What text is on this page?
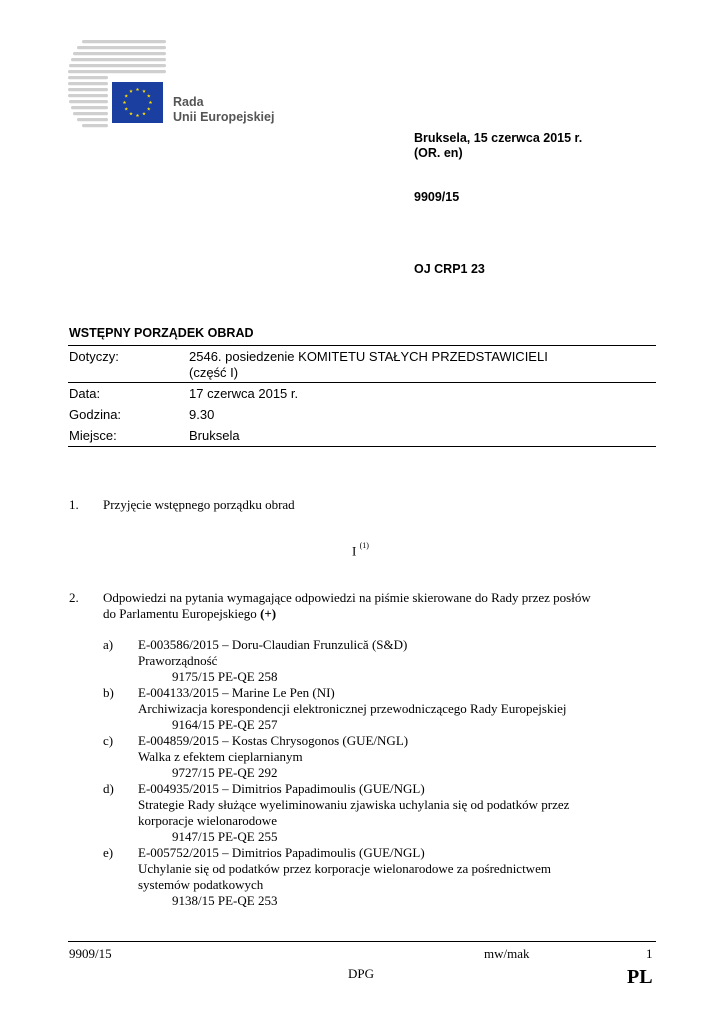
Rada
Unii Europejskiej
Bruksela, 15 czerwca 2015 r.
(OR. en)
9909/15
OJ CRP1 23
WSTĘPNY PORZĄDEK OBRAD
Dotyczy:	2546. posiedzenie KOMITETU STAŁYCH PRZEDSTAWICIELI
(część I)
Data:	17 czerwca 2015 r.
Godzina:	9.30
Miejsce:	Bruksela
1. Przyjęcie wstępnego porządku obrad
I $^{(1)}$
2. Odpowiedzi na pytania wymagające odpowiedzi na piśmie skierowane do Rady przez posłów
do Parlamentu Europejskiego (+)
a) E-003586/2015 – Doru-Claudian Frunzulică (S&D)
Praworządność
9175/15 PE-QE 258
b) E-004133/2015 – Marine Le Pen (NI)
Archiwizacja korespondencji elektronicznej przewodniczącego Rady Europejskiej
9164/15 PE-QE 257
c) E-004859/2015 – Kostas Chrysogonos (GUE/NGL)
Walka z efektem cieplarnianym
9727/15 PE-QE 292
d) E-004935/2015 – Dimitrios Papadimoulis (GUE/NGL)
Strategie Rady służące wyeliminowaniu zjawiska uchylania się od podatków przez
korporacje wielonarodowe
9147/15 PE-QE 255
e) E-005752/2015 – Dimitrios Papadimoulis (GUE/NGL)
Uchylanie się od podatków przez korporacje wielonarodowe za pośrednictwem
systemów podatkowych
9138/15 PE-QE 253
9909/15	mw/mak	1
DPG	PL
